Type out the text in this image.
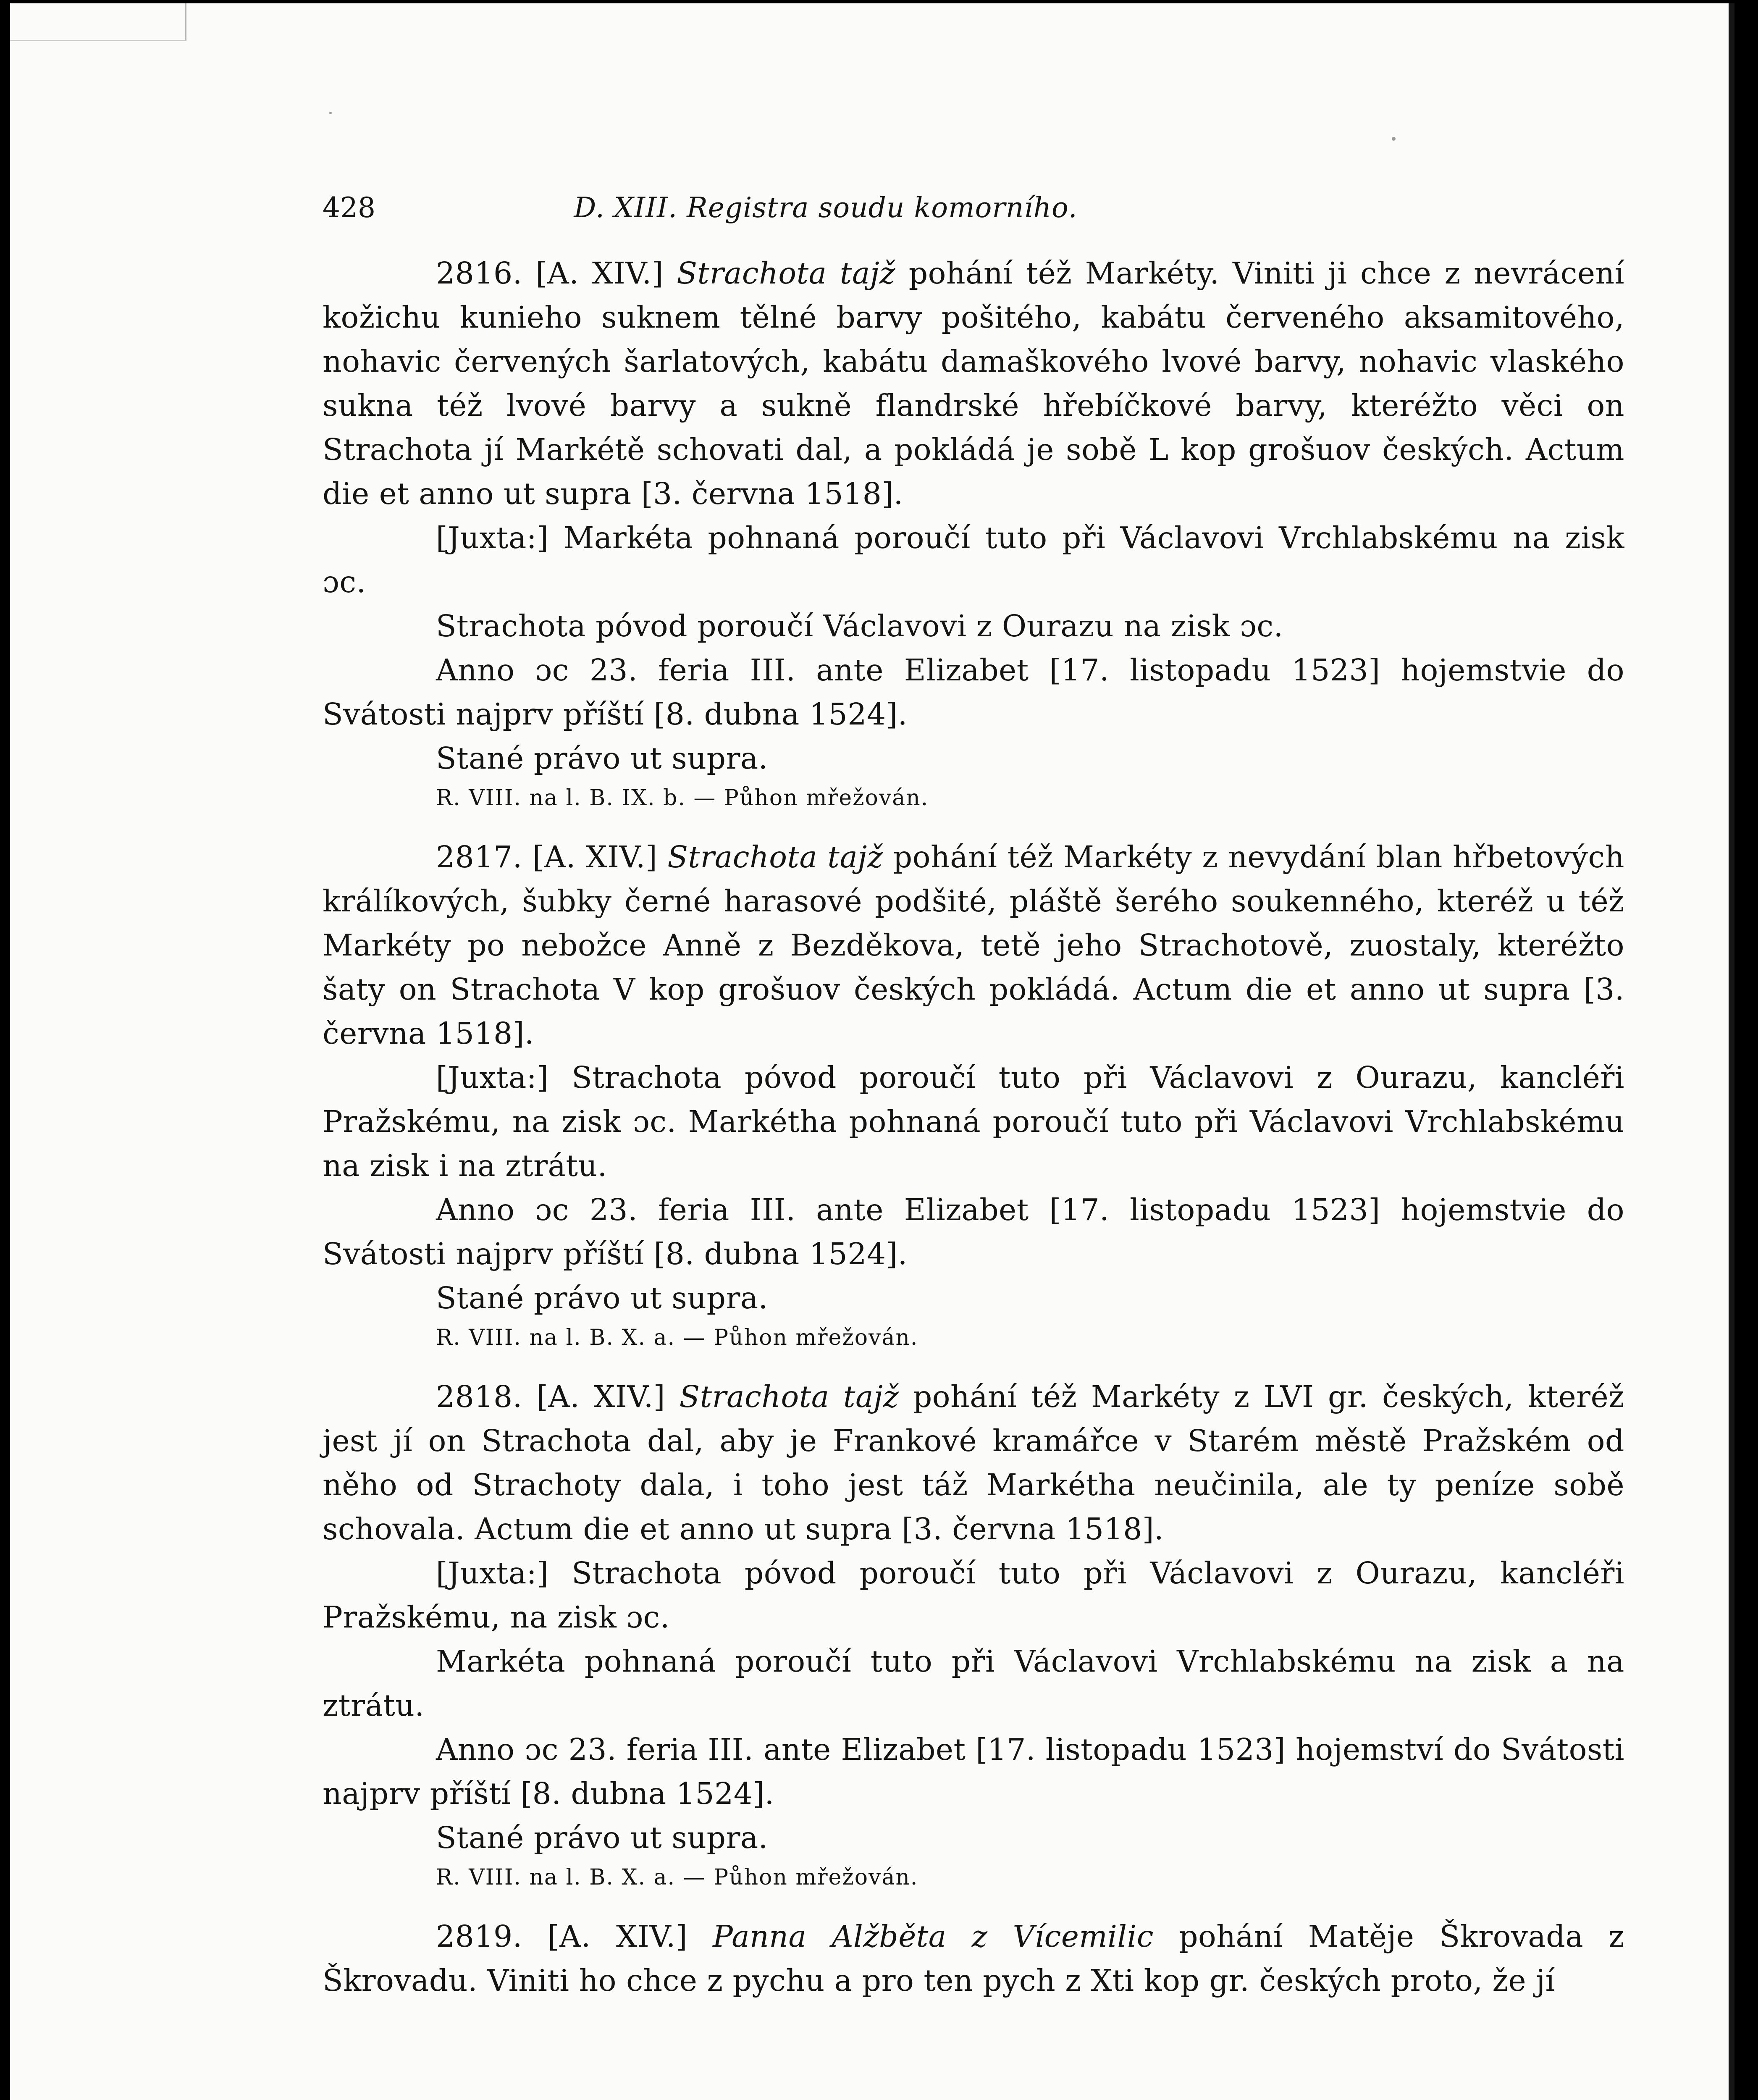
428	D. XIII. Registra soudu komorního.

2816. [A. XIV.] Strachota tajž pohání též Markéty. Viniti ji chce z nevrácení kožichu kunieho suknem tělné barvy pošitého, kabátu červeného aksamitového, nohavic červených šarlatových, kabátu damaškového lvové barvy, nohavic vlaského sukna též lvové barvy a sukně flandrské hřebíčkové barvy, kteréžto věci on Strachota jí Markétě schovati dal, a pokládá je sobě L kop grošuov českých. Actum die et anno ut supra [3. června 1518].

[Juxta:] Markéta pohnaná poroučí tuto při Václavovi Vrchlabskému na zisk ɔc.

Strachota póvod poroučí Václavovi z Ourazu na zisk ɔc.

Anno ɔc 23. feria III. ante Elizabet [17. listopadu 1523] hojemstvie do Svátosti najprv příští [8. dubna 1524].

Stané právo ut supra.

R. VIII. na l. B. IX. b. — Půhon mřežován.

2817. [A. XIV.] Strachota tajž pohání též Markéty z nevydání blan hřbetových králíkových, šubky černé harasové podšité, pláště šerého soukenného, kteréž u též Markéty po nebožce Anně z Bezděkova, tetě jeho Strachotově, zuostaly, kteréžto šaty on Strachota V kop grošuov českých pokládá. Actum die et anno ut supra [3. června 1518].

[Juxta:] Strachota póvod poroučí tuto při Václavovi z Ourazu, kancléři Pražskému, na zisk ɔc. Markétha pohnaná poroučí tuto při Václavovi Vrchlabskému na zisk i na ztrátu.

Anno ɔc 23. feria III. ante Elizabet [17. listopadu 1523] hojemstvie do Svátosti najprv příští [8. dubna 1524].

Stané právo ut supra.

R. VIII. na l. B. X. a. — Půhon mřežován.

2818. [A. XIV.] Strachota tajž pohání též Markéty z LVI gr. českých, kteréž jest jí on Strachota dal, aby je Frankové kramářce v Starém městě Pražském od něho od Strachoty dala, i toho jest táž Markétha neučinila, ale ty peníze sobě schovala. Actum die et anno ut supra [3. června 1518].

[Juxta:] Strachota póvod poroučí tuto při Václavovi z Ourazu, kancléři Pražskému, na zisk ɔc.

Markéta pohnaná poroučí tuto při Václavovi Vrchlabskému na zisk a na ztrátu.

Anno ɔc 23. feria III. ante Elizabet [17. listopadu 1523] hojemství do Svátosti najprv příští [8. dubna 1524].

Stané právo ut supra.

R. VIII. na l. B. X. a. — Půhon mřežován.

2819. [A. XIV.] Panna Alžběta z Vícemilic pohání Matěje Škrovada z Škrovadu. Viniti ho chce z pychu a pro ten pych z Xti kop gr. českých proto, že jí
